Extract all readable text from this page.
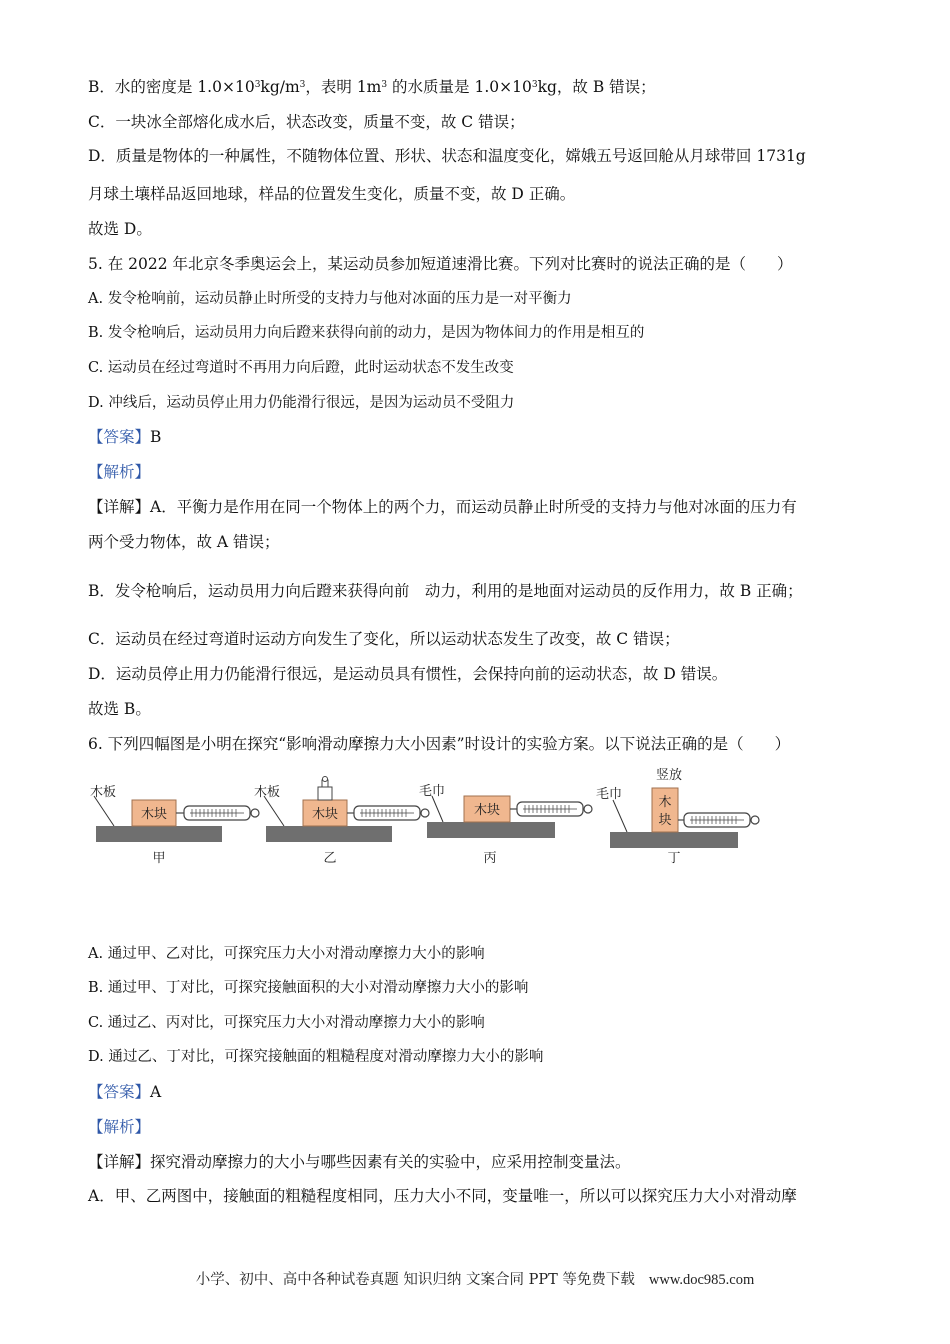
B．水的密度是 $1.0\times 10^3kg/m^3$，表明 $1m^3$ 的水质量是 $1.0\times 10^3kg$，故 B 错误；
C．一块冰全部熔化成水后，状态改变，质量不变，故 C 错误；
D．质量是物体的一种属性，不随物体位置、形状、状态和温度变化，嫦娥五号返回舱从月球带回 1731g
月球土壤样品返回地球，样品的位置发生变化，质量不变，故 D 正确。
故选 D。
5. 在 2022 年北京冬季奥运会上，某运动员参加短道速滑比赛。下列对比赛时的说法正确的是（　　）
A. 发令枪响前，运动员静止时所受的支持力与他对冰面的压力是一对平衡力
B. 发令枪响后，运动员用力向后蹬来获得向前的动力，是因为物体间力的作用是相互的
C. 运动员在经过弯道时不再用力向后蹬，此时运动状态不发生改变
D. 冲线后，运动员停止用力仍能滑行很远，是因为运动员不受阻力
【答案】B
【解析】
【详解】A．平衡力是作用在同一个物体上的两个力，而运动员静止时所受的支持力与他对冰面的压力有
两个受力物体，故 A 错误；
B．发令枪响后，运动员用力向后蹬来获得向前　动力，利用的是地面对运动员的反作用力，故 B 正确；
C．运动员在经过弯道时运动方向发生了变化，所以运动状态发生了改变，故 C 错误；
D．运动员停止用力仍能滑行很远，是运动员具有惯性，会保持向前的运动状态，故 D 错误。
故选 B。
6. 下列四幅图是小明在探究“影响滑动摩擦力大小因素”时设计的实验方案。以下说法正确的是（　　）
木板
木块
甲
木板
木块
乙
毛巾
木块
丙
竖放
毛巾
木
块
丁
A. 通过甲、乙对比，可探究压力大小对滑动摩擦力大小的影响
B. 通过甲、丁对比，可探究接触面积的大小对滑动摩擦力大小的影响
C. 通过乙、丙对比，可探究压力大小对滑动摩擦力大小的影响
D. 通过乙、丁对比，可探究接触面的粗糙程度对滑动摩擦力大小的影响
【答案】A
【解析】
【详解】探究滑动摩擦力的大小与哪些因素有关的实验中，应采用控制变量法。
A．甲、乙两图中，接触面的粗糙程度相同，压力大小不同，变量唯一，所以可以探究压力大小对滑动摩
小学、初中、高中各种试卷真题 知识归纳 文案合同 PPT 等免费下载 www.doc985.com
